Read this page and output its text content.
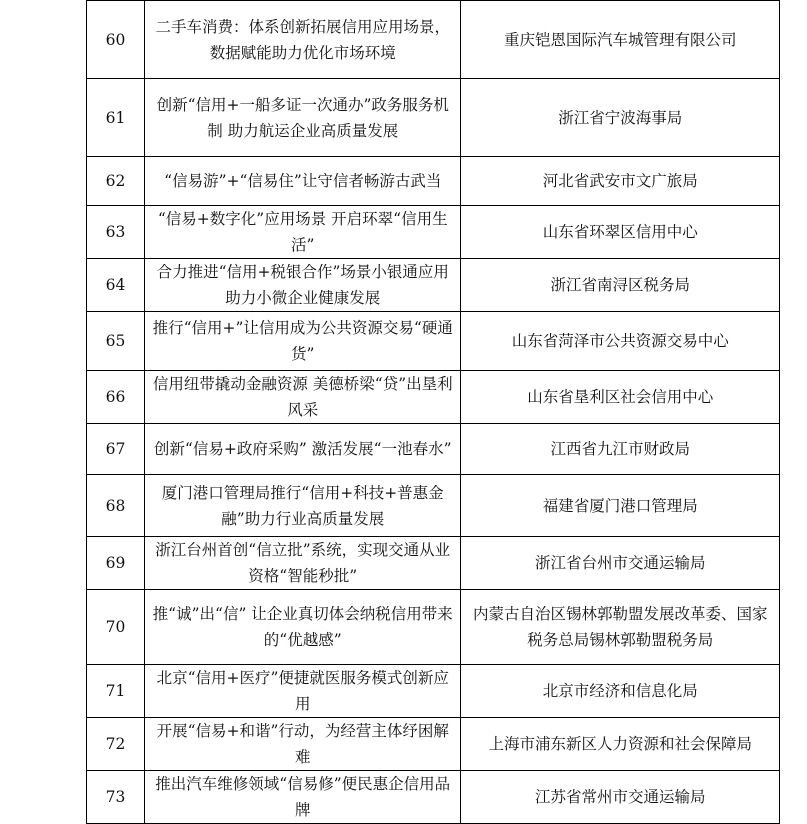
60	二手车消费：体系创新拓展信用应用场景，数据赋能助力优化市场环境	重庆铠恩国际汽车城管理有限公司
61	创新“信用+一船多证一次通办”政务服务机制 助力航运企业高质量发展	浙江省宁波海事局
62	“信易游”+“信易住”让守信者畅游古武当	河北省武安市文广旅局
63	“信易+数字化”应用场景 开启环翠“信用生活”	山东省环翠区信用中心
64	合力推进“信用+税银合作”场景小银通应用 助力小微企业健康发展	浙江省南浔区税务局
65	推行“信用+”让信用成为公共资源交易“硬通货”	山东省菏泽市公共资源交易中心
66	信用纽带撬动金融资源 美德桥梁“贷”出垦利风采	山东省垦利区社会信用中心
67	创新“信易+政府采购” 激活发展“一池春水”	江西省九江市财政局
68	厦门港口管理局推行“信用+科技+普惠金融”助力行业高质量发展	福建省厦门港口管理局
69	浙江台州首创“信立批”系统，实现交通从业资格“智能秒批”	浙江省台州市交通运输局
70	推“诚”出“信” 让企业真切体会纳税信用带来的“优越感”	内蒙古自治区锡林郭勒盟发展改革委、国家税务总局锡林郭勒盟税务局
71	北京“信用+医疗”便捷就医服务模式创新应用	北京市经济和信息化局
72	开展“信易+和谐”行动，为经营主体纾困解难	上海市浦东新区人力资源和社会保障局
73	推出汽车维修领域“信易修”便民惠企信用品牌	江苏省常州市交通运输局
